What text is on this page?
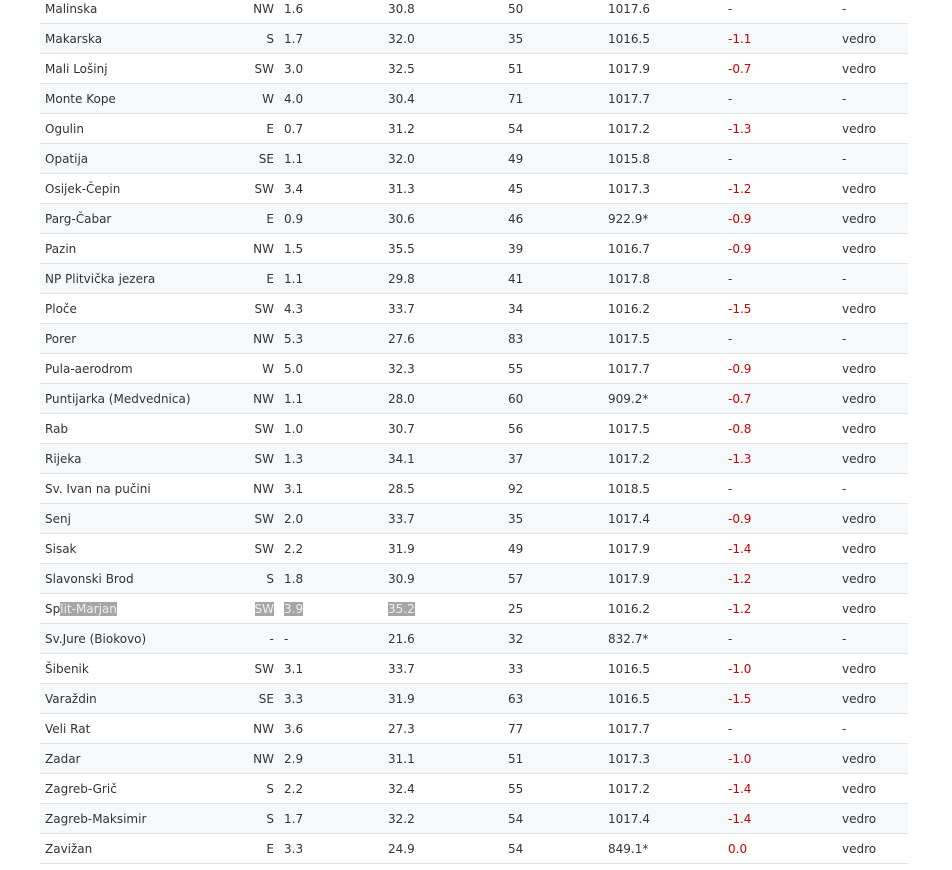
Malinska	NW	1.6	30.8	50	1017.6	-	-
Makarska	S	1.7	32.0	35	1016.5	-1.1	vedro
Mali Lošinj	SW	3.0	32.5	51	1017.9	-0.7	vedro
Monte Kope	W	4.0	30.4	71	1017.7	-	-
Ogulin	E	0.7	31.2	54	1017.2	-1.3	vedro
Opatija	SE	1.1	32.0	49	1015.8	-	-
Osijek-Čepin	SW	3.4	31.3	45	1017.3	-1.2	vedro
Parg-Čabar	E	0.9	30.6	46	922.9*	-0.9	vedro
Pazin	NW	1.5	35.5	39	1016.7	-0.9	vedro
NP Plitvička jezera	E	1.1	29.8	41	1017.8	-	-
Ploče	SW	4.3	33.7	34	1016.2	-1.5	vedro
Porer	NW	5.3	27.6	83	1017.5	-	-
Pula-aerodrom	W	5.0	32.3	55	1017.7	-0.9	vedro
Puntijarka (Medvednica)	NW	1.1	28.0	60	909.2*	-0.7	vedro
Rab	SW	1.0	30.7	56	1017.5	-0.8	vedro
Rijeka	SW	1.3	34.1	37	1017.2	-1.3	vedro
Sv. Ivan na pučini	NW	3.1	28.5	92	1018.5	-	-
Senj	SW	2.0	33.7	35	1017.4	-0.9	vedro
Sisak	SW	2.2	31.9	49	1017.9	-1.4	vedro
Slavonski Brod	S	1.8	30.9	57	1017.9	-1.2	vedro
Split-Marjan	SW	3.9	35.2	25	1016.2	-1.2	vedro
Sv.Jure (Biokovo)	-	-	21.6	32	832.7*	-	-
Šibenik	SW	3.1	33.7	33	1016.5	-1.0	vedro
Varaždin	SE	3.3	31.9	63	1016.5	-1.5	vedro
Veli Rat	NW	3.6	27.3	77	1017.7	-	-
Zadar	NW	2.9	31.1	51	1017.3	-1.0	vedro
Zagreb-Grič	S	2.2	32.4	55	1017.2	-1.4	vedro
Zagreb-Maksimir	S	1.7	32.2	54	1017.4	-1.4	vedro
Zavižan	E	3.3	24.9	54	849.1*	0.0	vedro
